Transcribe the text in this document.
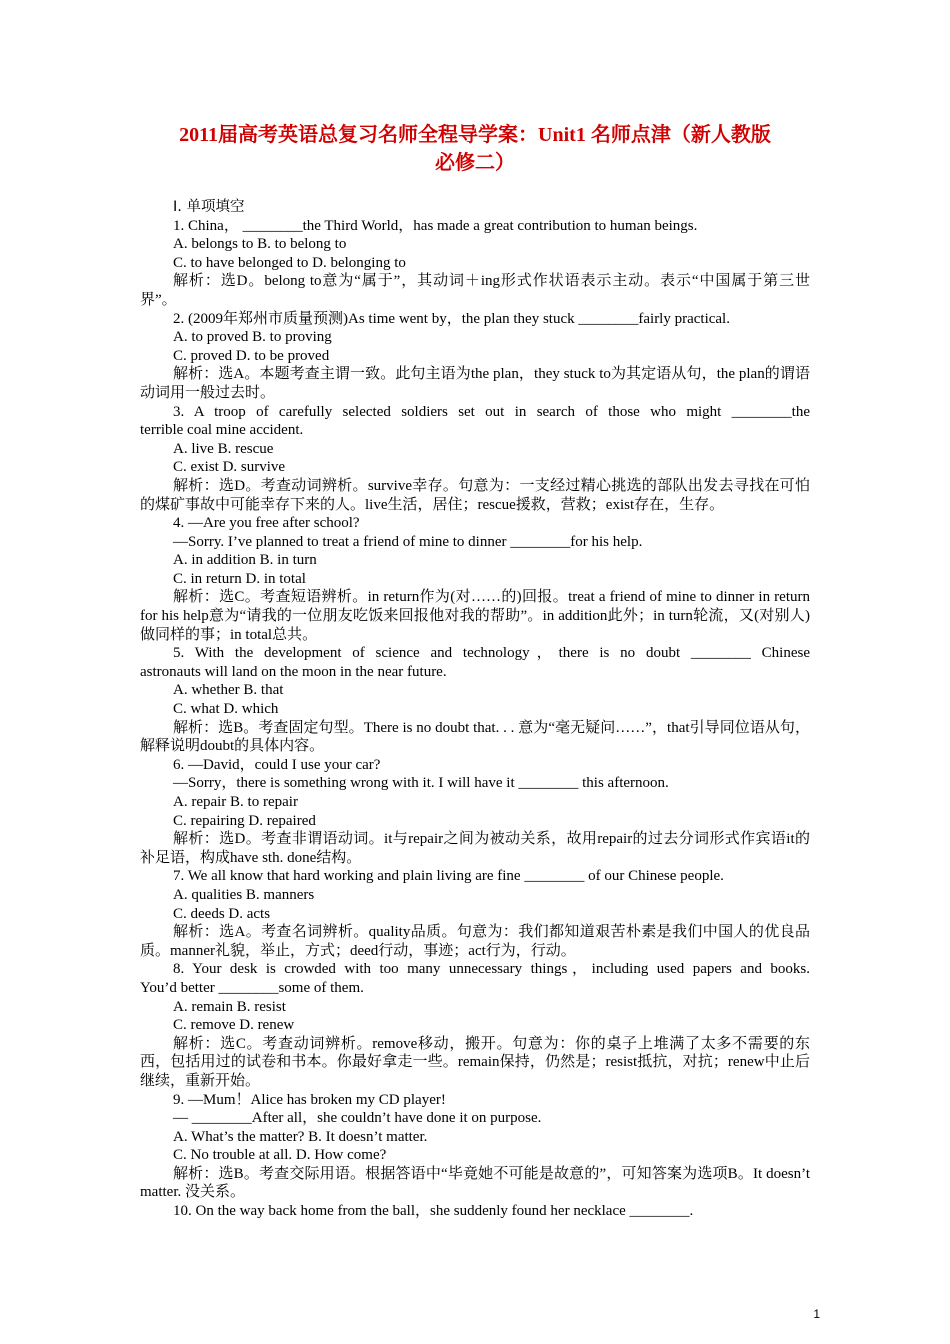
2011届高考英语总复习名师全程导学案：Unit1 名师点津（新人教版
必修二）
Ⅰ. 单项填空
1. China， ________the Third World，has made a great contribution to human beings.
A. belongs to B. to belong to
C. to have belonged to D. belonging to
解析：选D。belong to意为“属于”，其动词＋ing形式作状语表示主动。表示“中国属于第三世界”。
2. (2009年郑州市质量预测)As time went by，the plan they stuck ________fairly practical.
A. to proved B. to proving
C. proved D. to be proved
解析：选A。本题考查主谓一致。此句主语为the plan，they stuck to为其定语从句，the plan的谓语动词用一般过去时。
3. A troop of carefully selected soldiers set out in search of those who might ________the
terrible coal mine accident.
A. live B. rescue
C. exist D. survive
解析：选D。考查动词辨析。survive幸存。句意为：一支经过精心挑选的部队出发去寻找在可怕的煤矿事故中可能幸存下来的人。live生活，居住；rescue援救，营救；exist存在，生存。
4. —Are you free after school?
—Sorry. I’ve planned to treat a friend of mine to dinner ________for his help.
A. in addition B. in turn
C. in return D. in total
解析：选C。考查短语辨析。in return作为(对……的)回报。treat a friend of mine to dinner in return for his help意为“请我的一位朋友吃饭来回报他对我的帮助”。in addition此外；in turn轮流，又(对别人)做同样的事；in total总共。
5. With the development of science and technology，there is no doubt ________ Chinese
astronauts will land on the moon in the near future.
A. whether B. that
C. what D. which
解析：选B。考查固定句型。There is no doubt that. . . 意为“毫无疑问……”，that引导同位语从句，解释说明doubt的具体内容。
6. —David，could I use your car?
—Sorry，there is something wrong with it. I will have it ________ this afternoon.
A. repair B. to repair
C. repairing D. repaired
解析：选D。考查非谓语动词。it与repair之间为被动关系，故用repair的过去分词形式作宾语it的补足语，构成have sth. done结构。
7. We all know that hard working and plain living are fine ________ of our Chinese people.
A. qualities B. manners
C. deeds D. acts
解析：选A。考查名词辨析。quality品质。句意为：我们都知道艰苦朴素是我们中国人的优良品质。manner礼貌，举止，方式；deed行动，事迹；act行为，行动。
8. Your desk is crowded with too many unnecessary things，including used papers and books.
You’d better ________some of them.
A. remain B. resist
C. remove D. renew
解析：选C。考查动词辨析。remove移动，搬开。句意为：你的桌子上堆满了太多不需要的东西，包括用过的试卷和书本。你最好拿走一些。remain保持，仍然是；resist抵抗，对抗；renew中止后继续，重新开始。
9. —Mum！Alice has broken my CD player!
— ________After all，she couldn’t have done it on purpose.
A. What’s the matter? B. It doesn’t matter.
C. No trouble at all. D. How come?
解析：选B。考查交际用语。根据答语中“毕竟她不可能是故意的”，可知答案为选项B。It doesn’t matter. 没关系。
10. On the way back home from the ball，she suddenly found her necklace ________.
1
